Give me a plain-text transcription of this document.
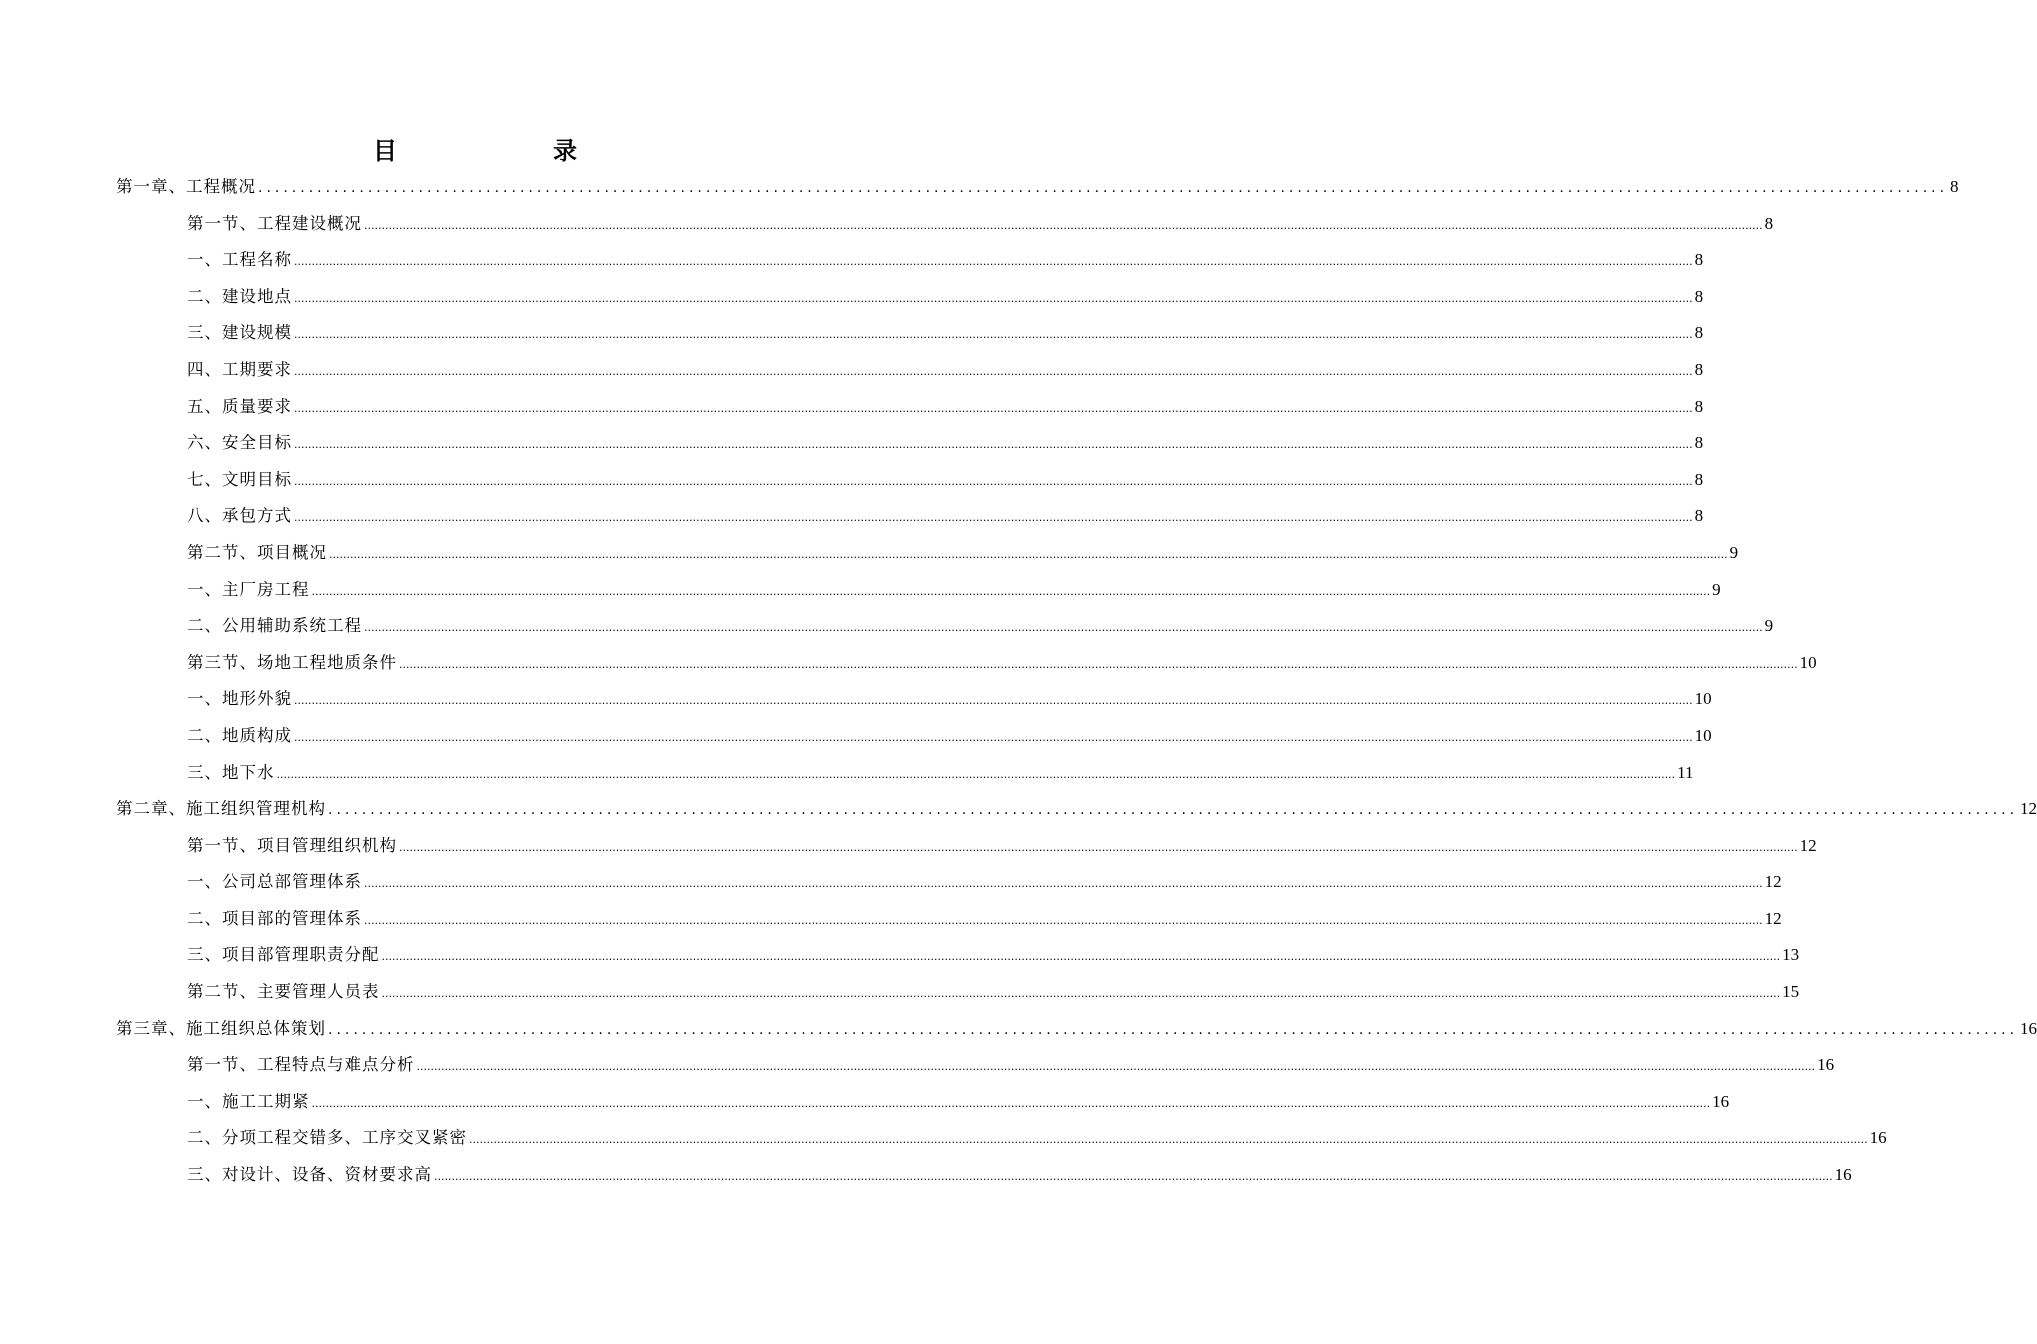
目　　录
第一章、工程概况 ........................................................................................................................................................................................................ 8
第一节、工程建设概况 ................................................................................................................................................................................................................................................................................................................................................................................................................ 8
一、工程名称 ................................................................................................................................................................................................................................................................................................................................................................................................................ 8
二、建设地点 ................................................................................................................................................................................................................................................................................................................................................................................................................ 8
三、建设规模 ................................................................................................................................................................................................................................................................................................................................................................................................................ 8
四、工期要求 ................................................................................................................................................................................................................................................................................................................................................................................................................ 8
五、质量要求 ................................................................................................................................................................................................................................................................................................................................................................................................................ 8
六、安全目标 ................................................................................................................................................................................................................................................................................................................................................................................................................ 8
七、文明目标 ................................................................................................................................................................................................................................................................................................................................................................................................................ 8
八、承包方式 ................................................................................................................................................................................................................................................................................................................................................................................................................ 8
第二节、项目概况 ................................................................................................................................................................................................................................................................................................................................................................................................................ 9
一、主厂房工程 ................................................................................................................................................................................................................................................................................................................................................................................................................ 9
二、公用辅助系统工程 ................................................................................................................................................................................................................................................................................................................................................................................................................ 9
第三节、场地工程地质条件 ................................................................................................................................................................................................................................................................................................................................................................................................................ 10
一、地形外貌 ................................................................................................................................................................................................................................................................................................................................................................................................................ 10
二、地质构成 ................................................................................................................................................................................................................................................................................................................................................................................................................ 10
三、地下水 ................................................................................................................................................................................................................................................................................................................................................................................................................ 11
第二章、施工组织管理机构 ........................................................................................................................................................................................................ 12
第一节、项目管理组织机构 ................................................................................................................................................................................................................................................................................................................................................................................................................ 12
一、公司总部管理体系 ................................................................................................................................................................................................................................................................................................................................................................................................................ 12
二、项目部的管理体系 ................................................................................................................................................................................................................................................................................................................................................................................................................ 12
三、项目部管理职责分配 ................................................................................................................................................................................................................................................................................................................................................................................................................ 13
第二节、主要管理人员表 ................................................................................................................................................................................................................................................................................................................................................................................................................ 15
第三章、施工组织总体策划 ........................................................................................................................................................................................................ 16
第一节、工程特点与难点分析 ................................................................................................................................................................................................................................................................................................................................................................................................................ 16
一、施工工期紧 ................................................................................................................................................................................................................................................................................................................................................................................................................ 16
二、分项工程交错多、工序交叉紧密 ................................................................................................................................................................................................................................................................................................................................................................................................................ 16
三、对设计、设备、资材要求高 ................................................................................................................................................................................................................................................................................................................................................................................................................ 16
